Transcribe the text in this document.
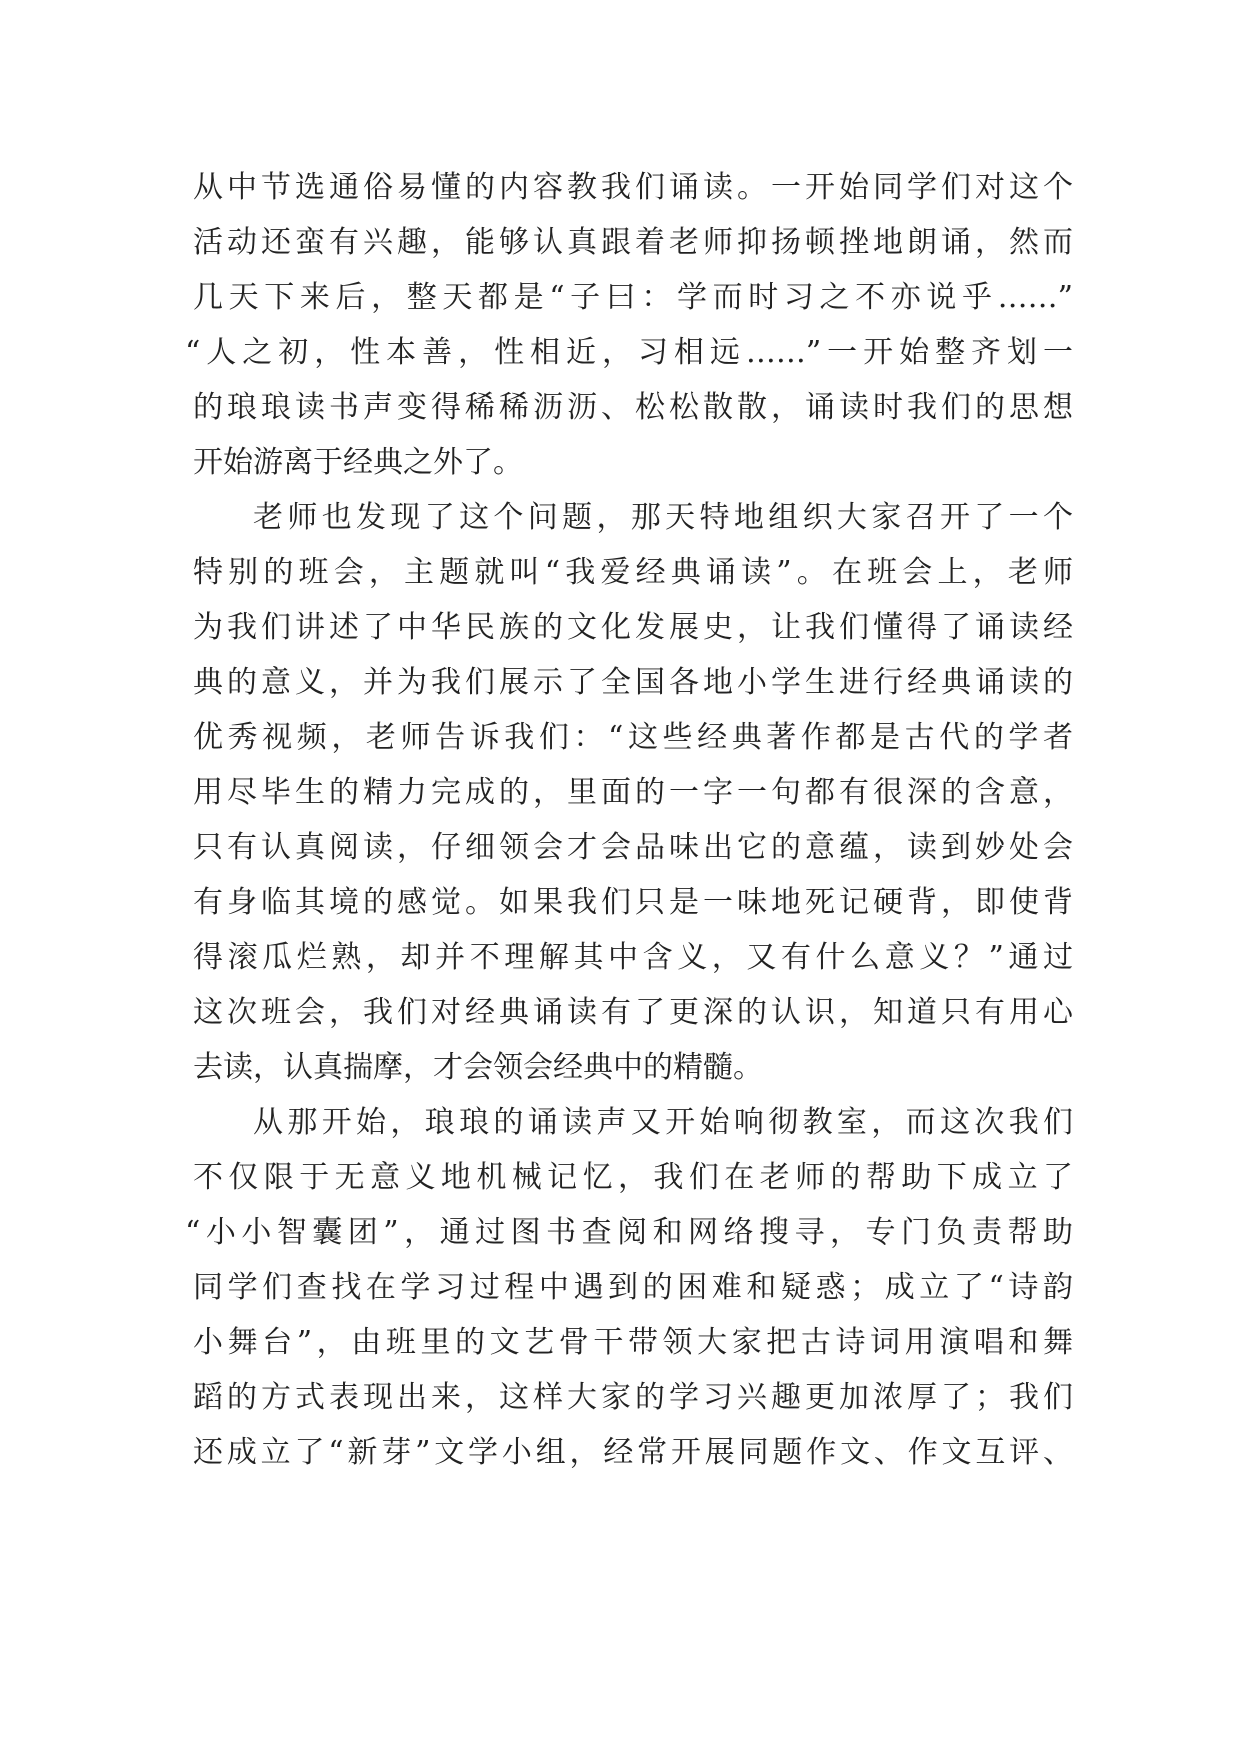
从中节选通俗易懂的内容教我们诵读。一开始同学们对这个
活动还蛮有兴趣，能够认真跟着老师抑扬顿挫地朗诵，然而
几天下来后，整天都是“子曰：学而时习之不亦说乎……”
“人之初，性本善，性相近，习相远……”一开始整齐划一
的琅琅读书声变得稀稀沥沥、松松散散，诵读时我们的思想
开始游离于经典之外了。
老师也发现了这个问题，那天特地组织大家召开了一个
特别的班会，主题就叫“我爱经典诵读”。在班会上，老师
为我们讲述了中华民族的文化发展史，让我们懂得了诵读经
典的意义，并为我们展示了全国各地小学生进行经典诵读的
优秀视频，老师告诉我们：“这些经典著作都是古代的学者
用尽毕生的精力完成的，里面的一字一句都有很深的含意，
只有认真阅读，仔细领会才会品味出它的意蕴，读到妙处会
有身临其境的感觉。如果我们只是一味地死记硬背，即使背
得滚瓜烂熟，却并不理解其中含义，又有什么意义？”通过
这次班会，我们对经典诵读有了更深的认识，知道只有用心
去读，认真揣摩，才会领会经典中的精髓。
从那开始，琅琅的诵读声又开始响彻教室，而这次我们
不仅限于无意义地机械记忆，我们在老师的帮助下成立了
“小小智囊团”，通过图书查阅和网络搜寻，专门负责帮助
同学们查找在学习过程中遇到的困难和疑惑；成立了“诗韵
小舞台”，由班里的文艺骨干带领大家把古诗词用演唱和舞
蹈的方式表现出来，这样大家的学习兴趣更加浓厚了；我们
还成立了“新芽”文学小组，经常开展同题作文、作文互评、
